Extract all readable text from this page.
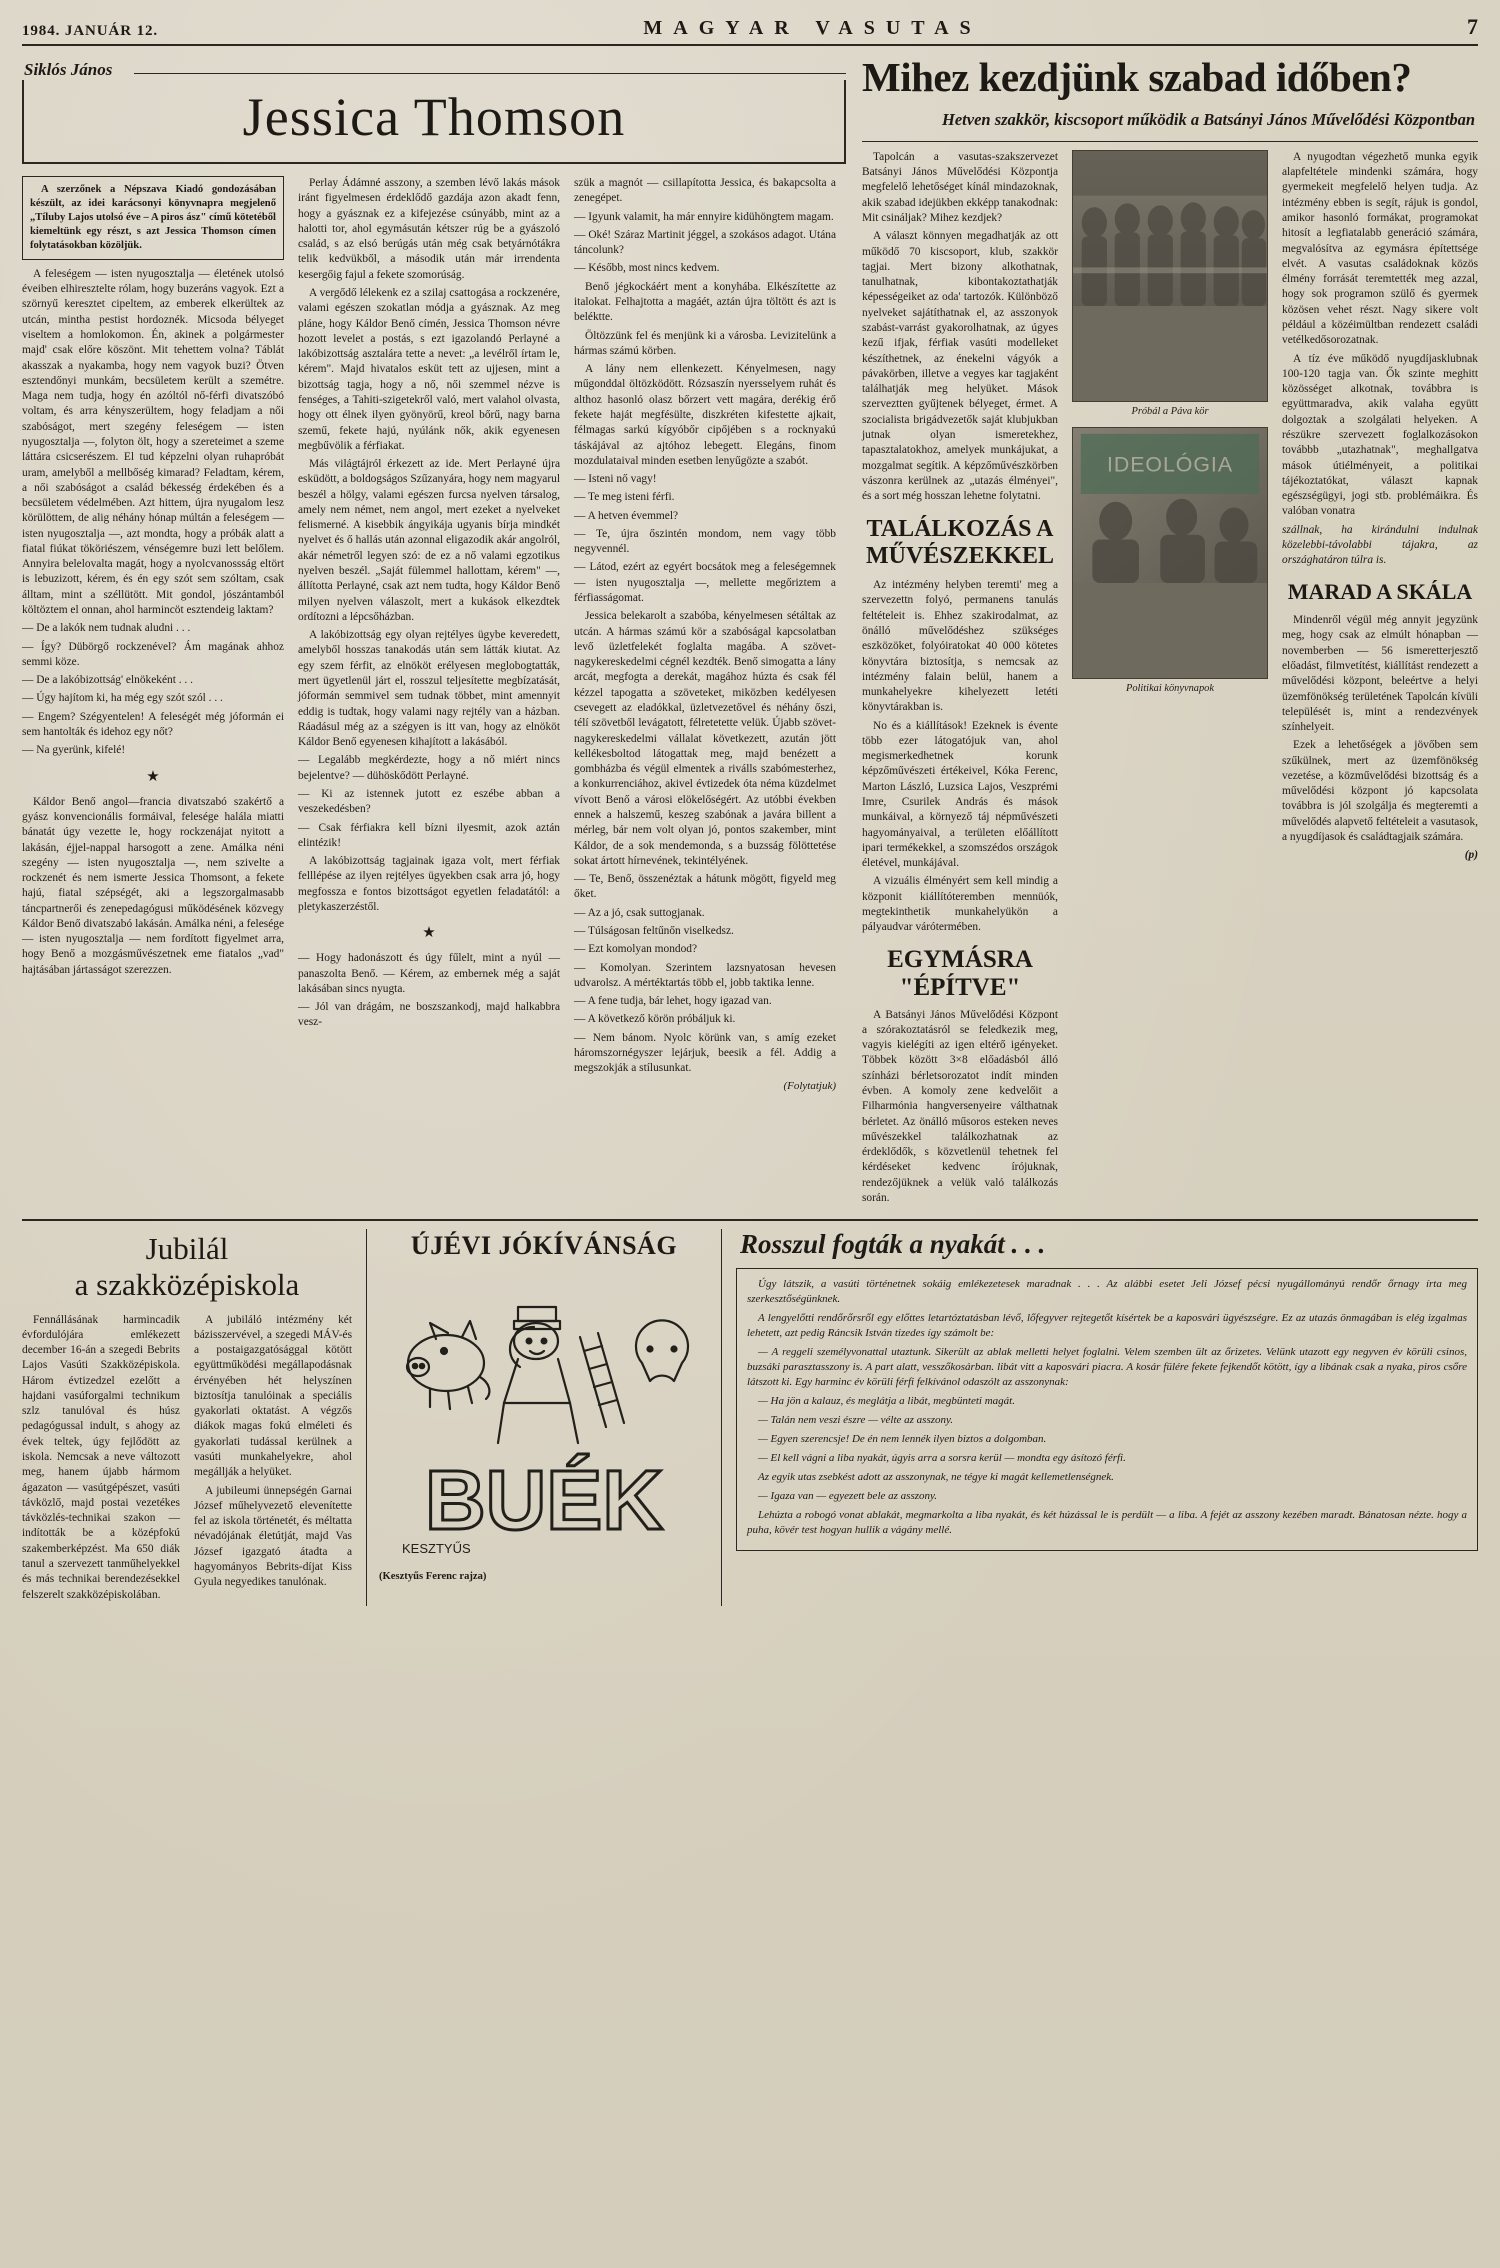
1984. JANUÁR 12.	MAGYAR VASUTAS	7
Siklós János
Jessica Thomson

A szerzőnek a Népszava Kiadó gondozásában készült, az idei karácsonyi könyvnapra megjelenő „Tíluby Lajos utolsó éve – A piros ász" című kötetéből kiemeltünk egy részt, s azt Jessica Thomson címen folytatásokban közöljük.

A feleségem — isten nyugosztalja — életének utolsó éveiben elhiresztelte rólam, hogy buzeráns vagyok. Ezt a szörnyű keresztet cipeltem, az emberek elkerültek az utcán, mintha pestist hordoznék. Micsoda bélyeget viseltem a homlokomon. Én, akinek a polgármester majd' csak előre köszönt. Mit tehettem volna? Táblát akasszak a nyakamba, hogy nem vagyok buzi? Ötven esztendőnyi munkám, becsületem került a szemétre. Maga nem tudja, hogy én azóltól nő-férfi divatszóbó voltam, és arra kényszerültem, hogy feladjam a női szabóságot, mert szegény feleségem — isten nyugosztalja —, folyton ölt, hogy a szereteimet a szeme láttára csicserészem. El tud képzelni olyan ruhapróbát uram, amelyből a mellbőség kimarad? Feladtam, kérem, a női szabóságot a család békesség érdekében és a becsületem védelmében. Azt hittem, újra nyugalom lesz körülöttem, de alig néhány hónap múltán a feleségem — isten nyugosztalja —, azt mondta, hogy a próbák alatt a fiatal fiúkat tököriészem, vénségemre buzi lett belőlem. Annyira belelovalta magát, hogy a nyolcvanossság eltört is lebuzizott, kérem, és én egy szót sem szóltam, csak álltam, mint a széllütött. Mit gondol, jószántamból költöztem el onnan, ahol harmincöt esztendeig laktam?

— De a lakók nem tudnak aludni . . .

— Így? Dübörgő rockzenével? Ám magának ahhoz semmi köze.

— De a lakóbizottság' elnökeként . . .

— Úgy hajítom ki, ha még egy szót szól . . .

— Engem? Szégyentelen! A feleségét még jóformán ei sem hantolták és idehoz egy nőt?

— Na gyerünk, kifelé!

★

Káldor Benő angol—francia divatszabó szakértő a gyász konvencionális formáival, felesége halála miatti bánatát úgy vezette le, hogy rockzenájat nyitott a lakásán, éjjel-nappal harsogott a zene. Amálka néni szegény — isten nyugosztalja —, nem szivelte a rockzenét és nem ismerte Jessica Thomsont, a fekete hajú, fiatal szépségét, aki a legszorgalmasabb táncpartnerői és zenepedagógusi működésének közvegy Káldor Benő divatszabó lakásán. Amálka néni, a felesége — isten nyugosztalja — nem fordított figyelmet arra, hogy Benő a mozgásművészetnek eme fiatalos „vad" hajtásában jártasságot szerezzen.

Perlay Ádámné asszony, a szemben lévő lakás mások iránt figyelmesen érdeklődő gazdája azon akadt fenn, hogy a gyásznak ez a kifejezése csúnyább, mint az a halotti tor, ahol egymásután kétszer rúg be a gyászoló család, s az elsó berúgás után még csak betyárnótákra telik kedvükből, a második után már irrendenta kesergőig fajul a fekete szomorúság.

A vergődő lélekenk ez a szilaj csattogása a rockzenére, valami egészen szokatlan módja a gyásznak. Az meg pláne, hogy Káldor Benő címén, Jessica Thomson névre hozott levelet a postás, s ezt igazolandó Perlayné a lakóbizottság asztalára tette a nevet: „a levélről írtam le, kérem". Majd hivatalos esküt tett az ujjesen, mint a bizottság tagja, hogy a nő, női szemmel nézve is fenséges, a Tahiti-szigetekről való, mert valahol olvasta, hogy ott élnek ilyen gyönyörű, kreol bőrű, nagy barna szemű, fekete hajú, nyúlánk nők, akik egyenesen megbűvölik a férfiakat.

Más világtájról érkezett az ide. Mert Perlayné újra esküdött, a boldogságos Szűzanyára, hogy nem magyarul beszél a hölgy, valami egészen furcsa nyelven társalog, amely nem német, nem angol, mert ezeket a nyelveket felismerné. A kisebbik ángyikája ugyanis bírja mindkét nyelvet és ő hallás után azonnal eligazodik akár angolról, akár németről legyen szó: de ez a nő valami egzotikus nyelven beszél. „Saját fülemmel hallottam, kérem" —, állította Perlayné, csak azt nem tudta, hogy Káldor Benő milyen nyelven válaszolt, mert a kukások elkezdtek ordítozni a lépcsőházban.

A lakóbizottság egy olyan rejtélyes ügybe keveredett, amelyből hosszas tanakodás után sem látták kiutat. Az egy szem férfit, az elnököt erélyesen meglobogtatták, mert ügyetlenül járt el, rosszul teljesítette megbízatását, jóformán semmivel sem tudnak többet, mint amennyit eddig is tudtak, hogy valami nagy rejtély van a házban. Ráadásul még az a szégyen is itt van, hogy az elnököt Káldor Benő egyenesen kihajított a lakásából.

— Legalább megkérdezte, hogy a nő miért nincs bejelentve? — dühöskődött Perlayné.

— Ki az istennek jutott ez eszébe abban a veszekedésben?

— Csak férfiakra kell bízni ilyesmit, azok aztán elintézik!

A lakóbizottság tagjainak igaza volt, mert férfiak felllépése az ilyen rejtélyes ügyekben csak arra jó, hogy megfossza e fontos bizottságot egyetlen feladatától: a pletykaszerzéstől.

★

— Hogy hadonászott és úgy fűlelt, mint a nyúl — panaszolta Benő. — Kérem, az embernek még a saját lakásában sincs nyugta.

— Jól van drágám, ne boszszankodj, majd halkabbra vesz-

szük a magnót — csillapította Jessica, és bakapcsolta a zenegépet.

— Igyunk valamit, ha már ennyire kidühöngtem magam.

— Oké! Száraz Martinit jéggel, a szokásos adagot. Utána táncolunk?

— Később, most nincs kedvem.

Benő jégkockáért ment a konyhába. Elkészítette az italokat. Felhajtotta a magáét, aztán újra töltött és azt is beléktte.

Öltözzünk fel és menjünk ki a városba. Levizitelünk a hármas számú körben.

A lány nem ellenkezett. Kényelmesen, nagy műgonddal öltözködött. Rózsaszín nyersselyem ruhát és althoz hasonló olasz bőrzert vett magára, derékig érő fekete haját megfésülte, diszkréten kifestette ajkait, félmagas sarkú kígyóbőr cipőjében s a rocknyakú táskájával az ajtóhoz lebegett. Elegáns, finom mozdulataival minden esetben lenyűgözte a szabót.

— Isteni nő vagy!

— Te meg isteni férfi.

— A hetven évemmel?

— Te, újra őszintén mondom, nem vagy több negyvennél.

— Látod, ezért az egyért bocsátok meg a feleségemnek — isten nyugosztalja —, mellette megőriztem a férfiasságomat.

Jessica belekarolt a szabóba, kényelmesen sétáltak az utcán. A hármas számú kör a szabóságal kapcsolatban levő üzletfelekét foglalta magába. A szövet-nagykereskedelmi cégnél kezdték. Benő simogatta a lány arcát, megfogta a derekát, magához húzta és csak fél kézzel tapogatta a szöveteket, miközben kedélyesen csevegett az eladókkal, üzletvezetővel és néhány őszi, télí szövetből levágatott, félretetette velük. Újabb szövet-nagykereskedelmi vállalat következett, azután jött kellékesboltod látogattak meg, majd benézett a gombházba és végül elmentek a riválls szabómesterhez, a konkurrenciához, akivel évtizedek óta néma küzdelmet vívott Benő a városi elökelőségért. Az utóbbi években ennek a halszemű, keszeg szabónak a javára billent a mérleg, bár nem volt olyan jó, pontos szakember, mint Káldor, de a sok mendemonda, s a buzsság fölöttetése sokat ártott hírnevének, tekintélyének.

— Te, Benő, összenéztak a hátunk mögött, figyeld meg őket.

— Az a jó, csak suttogjanak.

— Túlságosan feltűnőn viselkedsz.

— Ezt komolyan mondod?

— Komolyan. Szerintem lazsnyatosan hevesen udvarolsz. A mértéktartás több el, jobb taktika lenne.

— A fene tudja, bár lehet, hogy igazad van.

— A következő körön próbáljuk ki.

— Nem bánom. Nyolc körünk van, s amíg ezeket háromszornégyszer lejárjuk, beesik a fél. Addig a megszokják a stílusunkat.

(Folytatjuk)
Mihez kezdjünk szabad időben?
Hetven szakkör, kiscsoport működik a Batsányi János Művelődési Központban

Tapolcán a vasutas-szakszervezet Batsányi János Művelődési Központja megfelelő lehetőséget kínál mindazoknak, akik szabad idejükben ekképp tanakodnak: Mit csináljak? Mihez kezdjek?

A választ könnyen megadhatják az ott működő 70 kiscsoport, klub, szakkör tagjai. Mert bizony alkothatnak, tanulhatnak, kibontakoztathatják képességeiket az oda' tartozók. Különböző nyelveket sajátíthatnak el, az asszonyok szabást-varrást gyakorolhatnak, az úgyes kezű ifjak, férfiak vasúti modelleket készíthetnek, az énekelni vágyók a pávakörben, illetve a vegyes kar tagjaként találhatják meg helyüket. Mások szerveztten gyűjtenek bélyeget, érmet. A szocialista brigádvezetők saját klubjukban jutnak olyan ismeretekhez, tapasztalatokhoz, amelyek munkájukat, a mozgalmat segítik. A képzőművészkörben vászonra kerülnek az „utazás élményei", és a sort még hosszan lehetne folytatni.

TALÁLKOZÁS A MŰVÉSZEKKEL

Az intézmény helyben teremti' meg a szervezettn folyó, permanens tanulás feltételeit is. Ehhez szakirodalmat, az önálló művelődéshez szükséges eszközöket, folyóiratokat 40 000 kötetes könyvtára biztosítja, s nemcsak az intézmény falain belül, hanem a munkahelyekre kihelyezett letéti könyvtárakban is.

No és a kiállítások! Ezeknek is évente több ezer látogatójuk van, ahol megismerkedhetnek korunk képzőművészeti értékeivel, Kóka Ferenc, Marton László, Luzsica Lajos, Veszprémi Imre, Csurilek András és mások munkáival, a környező táj népművészeti hagyományaival, a területen előállított ipari termékekkel, a szomszédos országok életével, munkájával.

A vizuális élményért sem kell mindig a közponit kiállítóteremben mennüók, megtekinthetik munkahelyükön a pályaudvar várótermében.

EGYMÁSRA "ÉPÍTVE"

A Batsányi János Művelődési Központ a szórakoztatásról se feledkezik meg, vagyis kielégíti az igen eltérő igényeket. Többek között 3×8 előadásból álló színházi bérletsorozatot indít minden évben. A komoly zene kedvelőit a Filharmónia hangversenyeire válthatnak bérletet. Az önálló műsoros esteken neves művészekkel találkozhatnak az érdeklődők, s közvetlenül tehetnek fel kérdéseket kedvenc írójuknak, rendezőjüknek a velük való találkozás során.

Próbál a Páva kör
IDEOLÓGIA
Politikai könyvnapok

A nyugodtan végezhető munka egyik alapfeltétele mindenki számára, hogy gyermekeit megfelelő helyen tudja. Az intézmény ebben is segít, rájuk is gondol, amikor hasonló formákat, programokat hitosít a legfiatalabb generáció számára, megvalósítva az egymásra építettsége elvét. A vasutas családoknak közös élmény forrását teremtették meg azzal, hogy sok programon szülő és gyermek közösen vehet részt. Nagy sikere volt például a közéimültban rendezett családi vetélkedősorozatnak.

A tíz éve működő nyugdíjasklubnak 100-120 tagja van. Ők szinte meghitt közösséget alkotnak, továbbra is együttmaradva, akik valaha együtt dolgoztak a szolgálati helyeken. A részükre szervezett foglalkozásokon továbbb „utazhatnak", meghallgatva mások útiélményeit, a politikai tájékoztatókat, választ kapnak egészségügyi, jogi stb. problémáikra. És valóban vonatra

szállnak, ha kirándulni indulnak közelebbi-távolabbi tájakra, az országhatáron túlra is.

MARAD A SKÁLA

Mindenről végül még annyit jegyzünk meg, hogy csak az elmúlt hónapban — novemberben — 56 ismeretterjesztő előadást, filmvetítést, kiállítást rendezett a művelődési központ, beleértve a helyi üzemfönökség területének Tapolcán kívüli települését is, mint a rendezvények színhelyeit.

Ezek a lehetőségek a jövőben sem szűkülnek, mert az üzemfönökség vezetése, a közművelődési bizottság és a művelődési központ jó kapcsolata továbbra is jól szolgálja és megteremti a művelődés alapvető feltételeit a vasutasok, a nyugdíjasok és családtagjaik számára.

(p)
Jubilál
a szakközépiskola

Fennállásának harmincadik évfordulójára emlékezett december 16-án a szegedi Bebrits Lajos Vasúti Szakközépiskola. Három évtizedzel ezelőtt a hajdani vasúforgalmi technikum szlz tanulóval és húsz pedagógussal indult, s ahogy az évek teltek, úgy fejlődött az iskola. Nemcsak a neve változott meg, hanem újabb hármom ágazaton — vasútgépészet, vasúti távközlő, majd postai vezetékes távközlés-technikai szakon — indították be a középfokú szakemberképzést. Ma 650 diák tanul a szervezett tanműhelyekkel és más technikai berendezésekkel felszerelt szakközépiskolában.

A jubiláló intézmény két bázisszervével, a szegedi MÁV-és a postaigazgatósággal kötött együttműködési megállapodásnak érvényében hét helyszínen biztosítja tanulóinak a speciális gyakorlati oktatást. A végzős diákok magas fokú elméleti és gyakorlati tudással kerülnek a vasúti munkahelyekre, ahol megállják a helyüket.

A jubileumi ünnepségén Garnai József műhelyvezető elevenítette fel az iskola történetét, és méltatta névadójának életútját, majd Vas József igazgató átadta a hagyományos Bebrits-díjat Kiss Gyula negyedikes tanulónak.

ÚJÉVI JÓKÍVÁNSÁG
BUÉK
KESZTYŰS
(Kesztyűs Ferenc rajza)
Rosszul fogták a nyakát . . .

Úgy látszik, a vasúti történetnek sokáig emlékezetesek maradnak . . . Az alábbi esetet Jeli József pécsi nyugállományú rendőr őrnagy írta meg szerkesztőségünknek.

A lengyelőtti rendőrőrsről egy előttes letartóztatásban lévő, lőfegyver rejtegetőt kísértek be a kaposvári ügyészségre. Ez az utazás önmagában is elég izgalmas lehetett, azt pedig Ráncsik István tizedes így számolt be:

— A reggeli személyvonattal utaztunk. Sikerült az ablak melletti helyet foglalni. Velem szemben ült az őrizetes. Velünk utazott egy negyven év körüli csinos, buzsáki parasztasszony is. A part alatt, vesszőkosárban. libát vitt a kaposvári piacra. A kosár fülére fekete fejkendőt kötött, így a libának csak a nyaka, piros csőre látszott ki. Egy harminc év körüli férfi felkívánol odaszólt az asszonynak:

— Ha jön a kalauz, és meglátja a libát, megbünteti magát.

— Talán nem veszi észre — vélte az asszony.

— Egyen szerencsje! De én nem lennék ilyen biztos a dolgomban.

— El kell vágni a liba nyakát, úgyis arra a sorsra kerül — mondta egy ásítozó férfi.

Az egyik utas zsebkést adott az asszonynak, ne tégye ki magát kellemetlenségnek.

— Igaza van — egyezett bele az asszony.

Lehúzta a robogó vonat ablakát, megmarkolta a liba nyakát, és két húzással le is perdült — a liba. A fejét az asszony kezében maradt. Bánatosan nézte. hogy a puha, kövér test hogyan hullik a vágány mellé.
